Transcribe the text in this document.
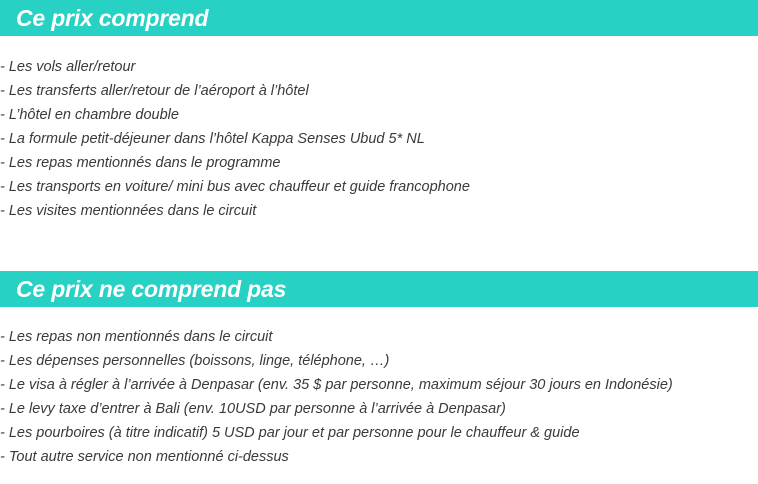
Ce prix comprend
- Les vols aller/retour
- Les transferts aller/retour de l’aéroport à l’hôtel
- L’hôtel en chambre double
- La formule petit-déjeuner dans l’hôtel Kappa Senses Ubud 5* NL
- Les repas mentionnés dans le programme
- Les transports en voiture/ mini bus avec chauffeur et guide francophone
- Les visites mentionnées dans le circuit
Ce prix ne comprend pas
- Les repas non mentionnés dans le circuit
- Les dépenses personnelles (boissons, linge, téléphone, …)
- Le visa à régler à l’arrivée à Denpasar (env. 35 $ par personne, maximum séjour 30 jours en Indonésie)
- Le levy taxe d’entrer à Bali (env. 10USD par personne à l’arrivée à Denpasar)
- Les pourboires (à titre indicatif) 5 USD par jour et par personne pour le chauffeur & guide
- Tout autre service non mentionné ci-dessus
